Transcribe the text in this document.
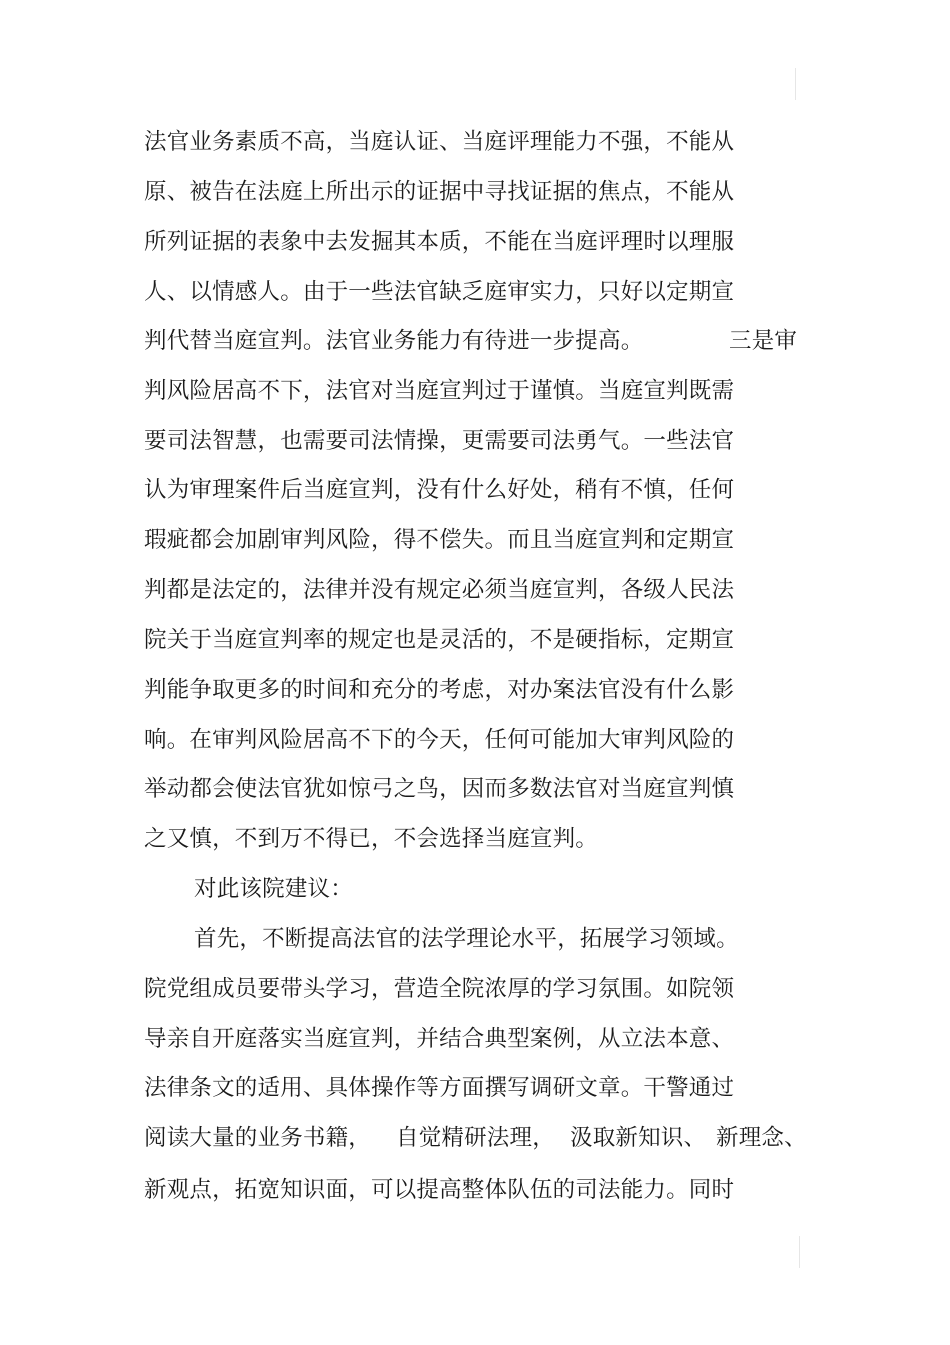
法官业务素质不高，当庭认证、当庭评理能力不强，不能从
原、被告在法庭上所出示的证据中寻找证据的焦点，不能从
所列证据的表象中去发掘其本质，不能在当庭评理时以理服
人、以情感人。由于一些法官缺乏庭审实力，只好以定期宣
判代替当庭宣判。法官业务能力有待进一步提高。	三是审
判风险居高不下，法官对当庭宣判过于谨慎。当庭宣判既需
要司法智慧，也需要司法情操，更需要司法勇气。一些法官
认为审理案件后当庭宣判，没有什么好处，稍有不慎，任何
瑕疵都会加剧审判风险，得不偿失。而且当庭宣判和定期宣
判都是法定的，法律并没有规定必须当庭宣判，各级人民法
院关于当庭宣判率的规定也是灵活的，不是硬指标，定期宣
判能争取更多的时间和充分的考虑，对办案法官没有什么影
响。在审判风险居高不下的今天，任何可能加大审判风险的
举动都会使法官犹如惊弓之鸟，因而多数法官对当庭宣判慎
之又慎，不到万不得已，不会选择当庭宣判。
对此该院建议：
首先，不断提高法官的法学理论水平，拓展学习领域。
院党组成员要带头学习，营造全院浓厚的学习氛围。如院领
导亲自开庭落实当庭宣判，并结合典型案例，从立法本意、
法律条文的适用、具体操作等方面撰写调研文章。干警通过
阅读大量的业务书籍， 自觉精研法理， 汲取新知识、 新理念、
新观点，拓宽知识面，可以提高整体队伍的司法能力。同时
